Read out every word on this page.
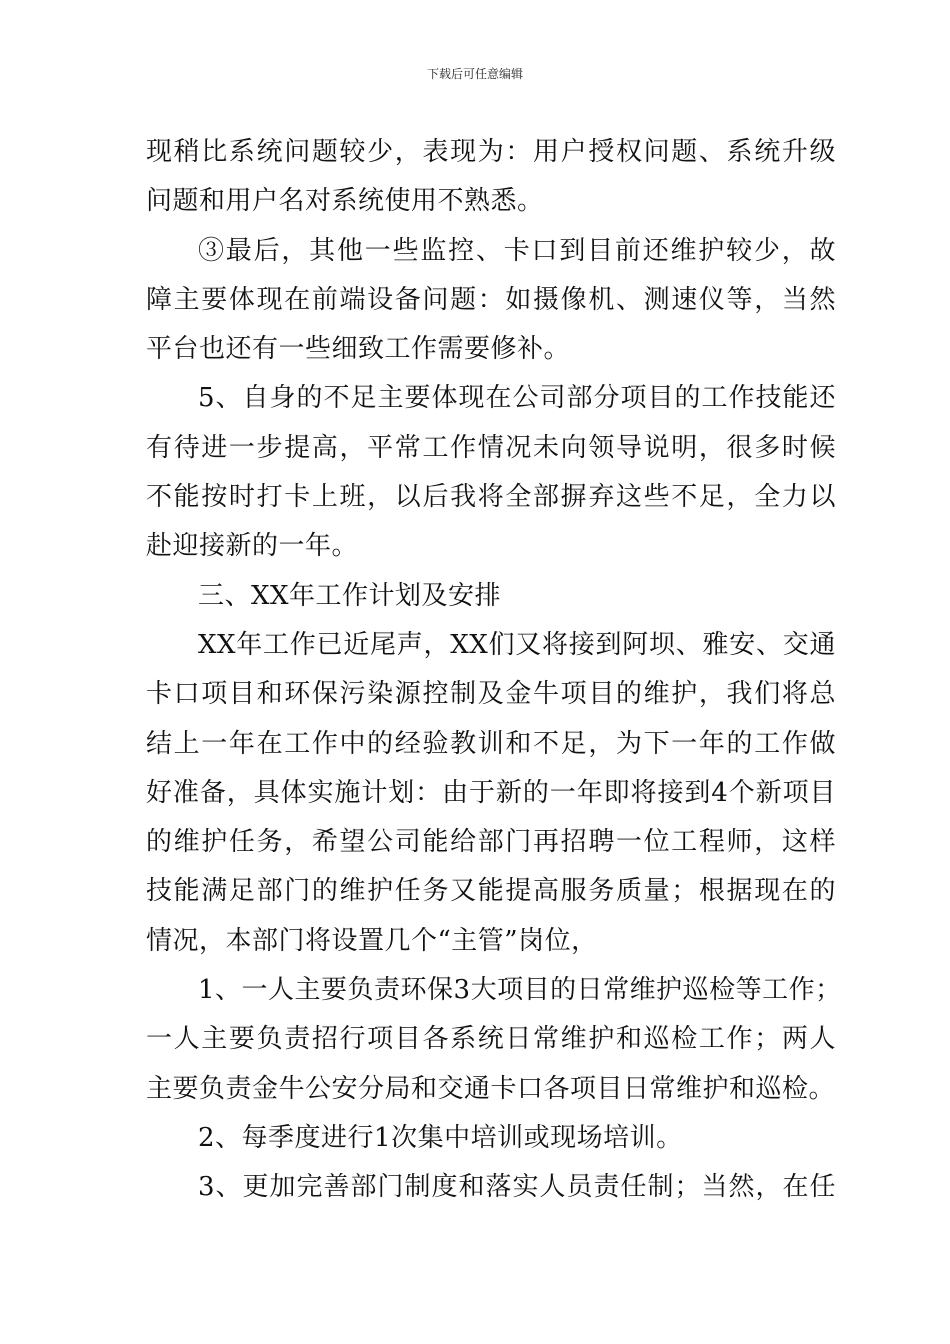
下载后可任意编辑
现稍比系统问题较少，表现为：用户授权问题、系统升级
问题和用户名对系统使用不熟悉。
③最后，其他一些监控、卡口到目前还维护较少，故
障主要体现在前端设备问题：如摄像机、测速仪等，当然
平台也还有一些细致工作需要修补。
5、自身的不足主要体现在公司部分项目的工作技能还
有待进一步提高，平常工作情况未向领导说明，很多时候
不能按时打卡上班，以后我将全部摒弃这些不足，全力以
赴迎接新的一年。
三、XX年工作计划及安排
XX年工作已近尾声，XX们又将接到阿坝、雅安、交通
卡口项目和环保污染源控制及金牛项目的维护，我们将总
结上一年在工作中的经验教训和不足，为下一年的工作做
好准备，具体实施计划：由于新的一年即将接到4个新项目
的维护任务，希望公司能给部门再招聘一位工程师，这样
技能满足部门的维护任务又能提高服务质量；根据现在的
情况，本部门将设置几个“主管”岗位，
1、一人主要负责环保3大项目的日常维护巡检等工作；
一人主要负责招行项目各系统日常维护和巡检工作；两人
主要负责金牛公安分局和交通卡口各项目日常维护和巡检。
2、每季度进行1次集中培训或现场培训。
3、更加完善部门制度和落实人员责任制；当然，在任
